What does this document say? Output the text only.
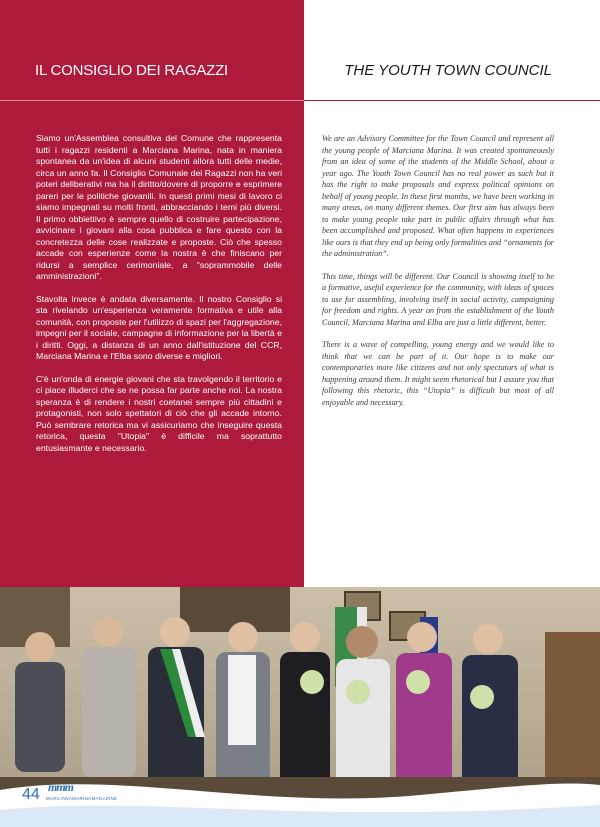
IL CONSIGLIO DEI RAGAZZI	THE YOUTH TOWN COUNCIL

Siamo un'Assemblea consultiva del Comune che rappresenta tutti i ragazzi residenti a Marciana Marina, nata in maniera spontanea da un'idea di alcuni studenti allora tutti delle medie, circa un anno fa. Il Consiglio Comunale dei Ragazzi non ha veri poteri deliberativi ma ha il diritto/dovere di proporre e esprimere pareri per le politiche giovanili. In questi primi mesi di lavoro ci siamo impegnati su molti fronti, abbracciando i temi più diversi. Il primo obbiettivo è sempre quello di costruire partecipazione, avvicinare i giovani alla cosa pubblica e fare questo con la concretezza delle cose realizzate e proposte. Ciò che spesso accade con esperienze come la nostra è che finiscano per ridursi a semplice cerimoniale, a "soprammobile delle amministrazioni".

Stavolta invece è andata diversamente. Il nostro Consiglio si sta rivelando un'esperienza veramente formativa e utile alla comunità, con proposte per l'utilizzo di spazi per l'aggregazione, impegni per il sociale, campagne di informazione per la libertà e i diritti. Oggi, a distanza di un anno dall'istituzione del CCR, Marciana Marina e l'Elba sono diverse e migliori.

C'è un'onda di energie giovani che sta travolgendo il territorio e ci piace illuderci che se ne possa far parte anche noi. La nostra speranza è di rendere i nostri coetanei sempre più cittadini e protagonisti, non solo spettatori di ciò che gli accade intorno. Può sembrare retorica ma vi assicuriamo che inseguire questa retorica, questa "Utopia" è difficile ma soprattutto entusiasmante e necessario.

We are an Advisory Committee for the Town Council and represent all the young people of Marciana Marina. It was created spontaneously from an idea of some of the students of the Middle School, about a year ago. The Youth Town Council has no real power as such but it has the right to make proposals and express political opinions on behalf of young people. In these first months, we have been working in many areas, on many different themes. Our first aim has always been to make young people take part in public affairs through what has been accomplished and proposed. What often happens in experiences like ours is that they end up being only formalities and “ornaments for the administration”.

This time, things will be different. Our Council is showing itself to be a formative, useful experience for the community, with ideas of spaces to use for assembling, involving itself in social activity, campaigning for freedom and rights. A year on from the establishment of the Youth Council, Marciana Marina and Elba are just a little different, better.

There is a wave of compelling, young energy and we would like to think that we can be part of it. Our hope is to make our contemporaries more like citizens and not only spectators of what is happening around them. It might seem rhetorical but I assure you that following this rhetoric, this “Utopia” is difficult but most of all enjoyable and necessary.

44 mmm
MARCIANAMARINAMAGAZINE
